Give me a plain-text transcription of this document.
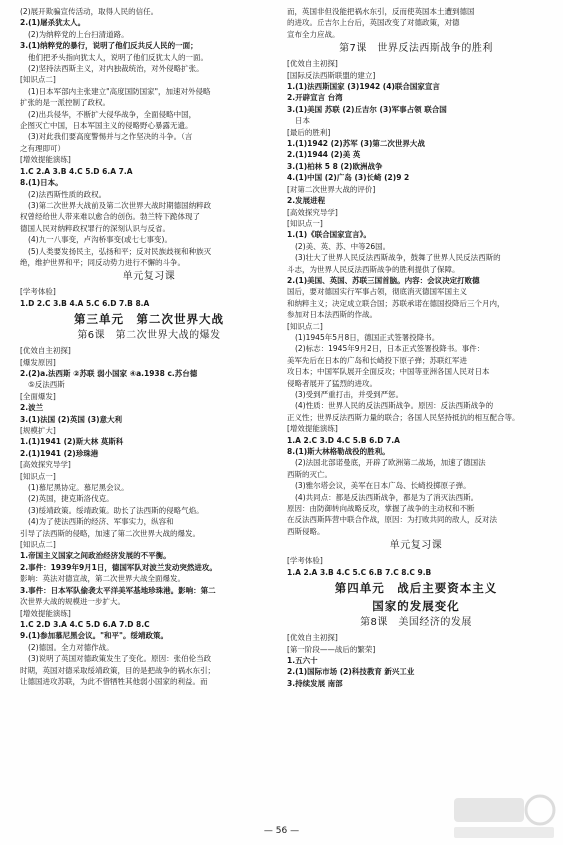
(2)展开欺骗宣传活动，取得人民的信任。
2.(1)屠杀犹太人。
(2)为纳粹党的上台扫清道路。
3.(1)纳粹党的暴行，说明了他们反共反人民的一面；
他们把矛头指向犹太人，说明了他们反犹太人的一面。
(2)坚持法西斯主义，对内独裁统治，对外侵略扩张。
[知识点二]
(1)日本军部内主张建立"高度国防国家"，加速对外侵略
扩张的是一派控制了政权。
(2)出兵侵华，不断扩大侵华战争，全面侵略中国，
企图灭亡中国，日本军国主义的侵略野心暴露无遗。
(3)对此我们要高度警惕并与之作坚决的斗争。（言
之有理即可）
[增效提能演练]
1.C 2.A 3.B 4.C 5.D 6.A 7.A
8.(1)日本。
(2)法西斯性质的政权。
(3)第二次世界大战前及第二次世界大战时期德国纳粹政
权曾经给世人带来难以愈合的创伤。勃兰特下跪体现了
德国人民对纳粹政权罪行的深刻认识与反省。
(4)九一八事变，卢沟桥事变(或七七事变)。
(5)人类要发扬民主，弘扬和平；反对民族歧视和种族灭
绝，维护世界和平；同反动势力进行不懈的斗争。
单元复习课
[学考体验]
1.D 2.C 3.B 4.A 5.C 6.D 7.B 8.A
第三单元　第二次世界大战
第6课　第二次世界大战的爆发
[优效自主初探]
[爆发原因]
2.(2)a.法西斯 ②苏联 弱小国家 ④a.1938 c.苏台德
⑤反法西斯
[全面爆发]
2.波兰
3.(1)法国 (2)英国 (3)意大利
[规模扩大]
1.(1)1941 (2)斯大林 莫斯科
2.(1)1941 (2)珍珠港
[高效探究导学]
[知识点一]
(1)慕尼黑协定。慕尼黑会议。
(2)英国，捷克斯洛伐克。
(3)绥靖政策。绥靖政策。助长了法西斯的侵略气焰。
(4)为了使法西斯的经济、军事实力，纵容和
引导了法西斯的侵略，加速了第二次世界大战的爆发。
[知识点二]
1.帝国主义国家之间政治经济发展的不平衡。
2.事件：1939年9月1日，德国军队对波兰发动突然进攻。
影响：英法对德宣战，第二次世界大战全面爆发。
3.事件：日本军队偷袭太平洋美军基地珍珠港。影响：第二
次世界大战的规模进一步扩大。
[增效提能演练]
1.C 2.D 3.A 4.C 5.D 6.A 7.D 8.C
9.(1)参加慕尼黑会议。"和平"。绥靖政策。
(2)德国。全力对德作战。
(3)说明了英国对德政策发生了变化。原因：张伯伦当政
时期，英国对德采取绥靖政策，目的是把战争的祸水东引；
让德国进攻苏联，为此不惜牺牲其他弱小国家的利益。而
而，英国非但没能把祸水东引，反而使英国本土遭到德国
的进攻。丘吉尔上台后，英国改变了对德政策，对德
宣布全力应战。
第7课　世界反法西斯战争的胜利
[优效自主初探]
[国际反法西斯联盟的建立]
1.(1)法西斯国家 (3)1942 (4)联合国家宣言
2.开辟宣言 台湾
3.(1)美国 苏联 (2)丘吉尔 (3)军事占领 联合国
日本
[最后的胜利]
1.(1)1942 (2)苏军 (3)第二次世界大战
2.(1)1944 (2)美 英
3.(1)柏林 5 8 (2)欧洲战争
4.(1)中国 (2)广岛 (3)长崎 (2)9 2
[对第二次世界大战的评价]
2.发展进程
[高效探究导学]
[知识点一]
1.(1)《联合国家宣言》。
(2)美、英、苏、中等26国。
(3)壮大了世界人民反法西斯战争，鼓舞了世界人民反法西斯的
斗志，为世界人民反法西斯战争的胜利提供了保障。
2.(1)美国、英国、苏联三国首脑。内容：会议决定打败德
国后，要对德国实行军事占领，彻底消灭德国军国主义
和纳粹主义；决定成立联合国；苏联承诺在德国投降后三个月内，
参加对日本法西斯的作战。
[知识点二]
(1)1945年5月8日，德国正式签署投降书。
(2)标志：1945年9月2日，日本正式签署投降书。事件：
美军先后在日本的广岛和长崎投下原子弹；苏联红军进
攻日本；中国军队展开全面反攻；中国等亚洲各国人民对日本
侵略者展开了猛烈的进攻。
(3)受到严重打击，并受到严惩。
(4)性质：世界人民的反法西斯战争。原因：反法西斯战争的
正义性；世界反法西斯力量的联合；各国人民坚持抵抗的相互配合等。
[增效提能演练]
1.A 2.C 3.D 4.C 5.B 6.D 7.A
8.(1)斯大林格勒战役的胜利。
(2)法国北部诺曼底，开辟了欧洲第二战场，加速了德国法
西斯的灭亡。
(3)雅尔塔会议，美军在日本广岛、长崎投掷原子弹。
(4)共同点：都是反法西斯战争，都是为了消灭法西斯。
原因：由防御转向战略反攻，掌握了战争的主动权和不断
在反法西斯阵营中联合作战，原因：为打败共同的敌人，反对法
西斯侵略。
单元复习课
[学考体验]
1.A 2.A 3.B 4.C 5.C 6.B 7.C 8.C 9.B
第四单元　战后主要资本主义
国家的发展变化
第8课　美国经济的发展
[优效自主初探]
[第一阶段——战后的繁荣]
1.五六十
2.(1)国际市场 (2)科技教育 新兴工业
3.持续发展 南部
— 56 —
